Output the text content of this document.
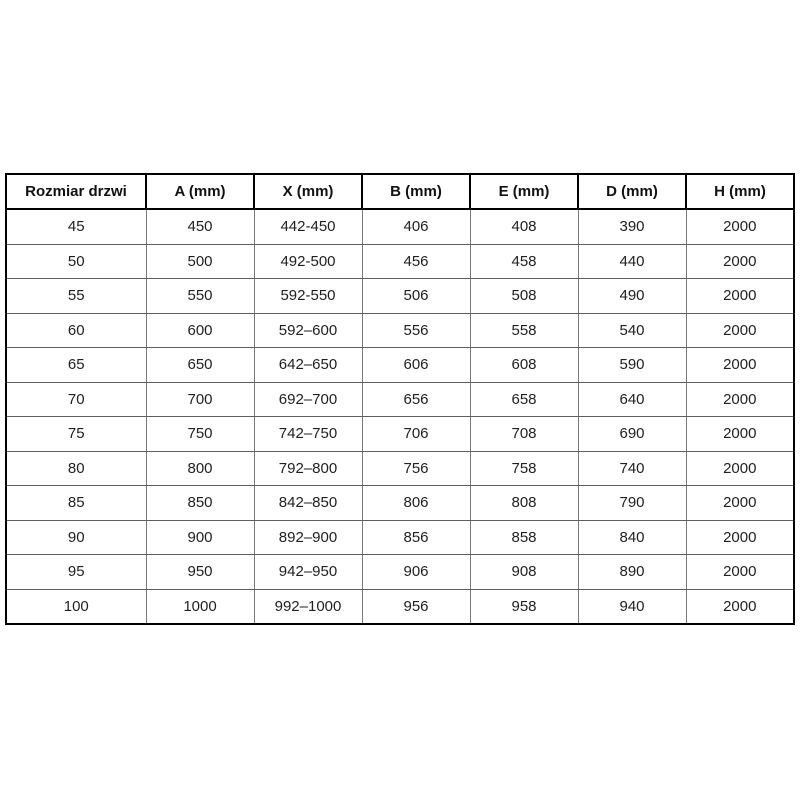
Rozmiar drzwi	A (mm)	X (mm)	B (mm)	E (mm)	D (mm)	H (mm)
45	450	442-450	406	408	390	2000
50	500	492-500	456	458	440	2000
55	550	592-550	506	508	490	2000
60	600	592–600	556	558	540	2000
65	650	642–650	606	608	590	2000
70	700	692–700	656	658	640	2000
75	750	742–750	706	708	690	2000
80	800	792–800	756	758	740	2000
85	850	842–850	806	808	790	2000
90	900	892–900	856	858	840	2000
95	950	942–950	906	908	890	2000
100	1000	992–1000	956	958	940	2000
